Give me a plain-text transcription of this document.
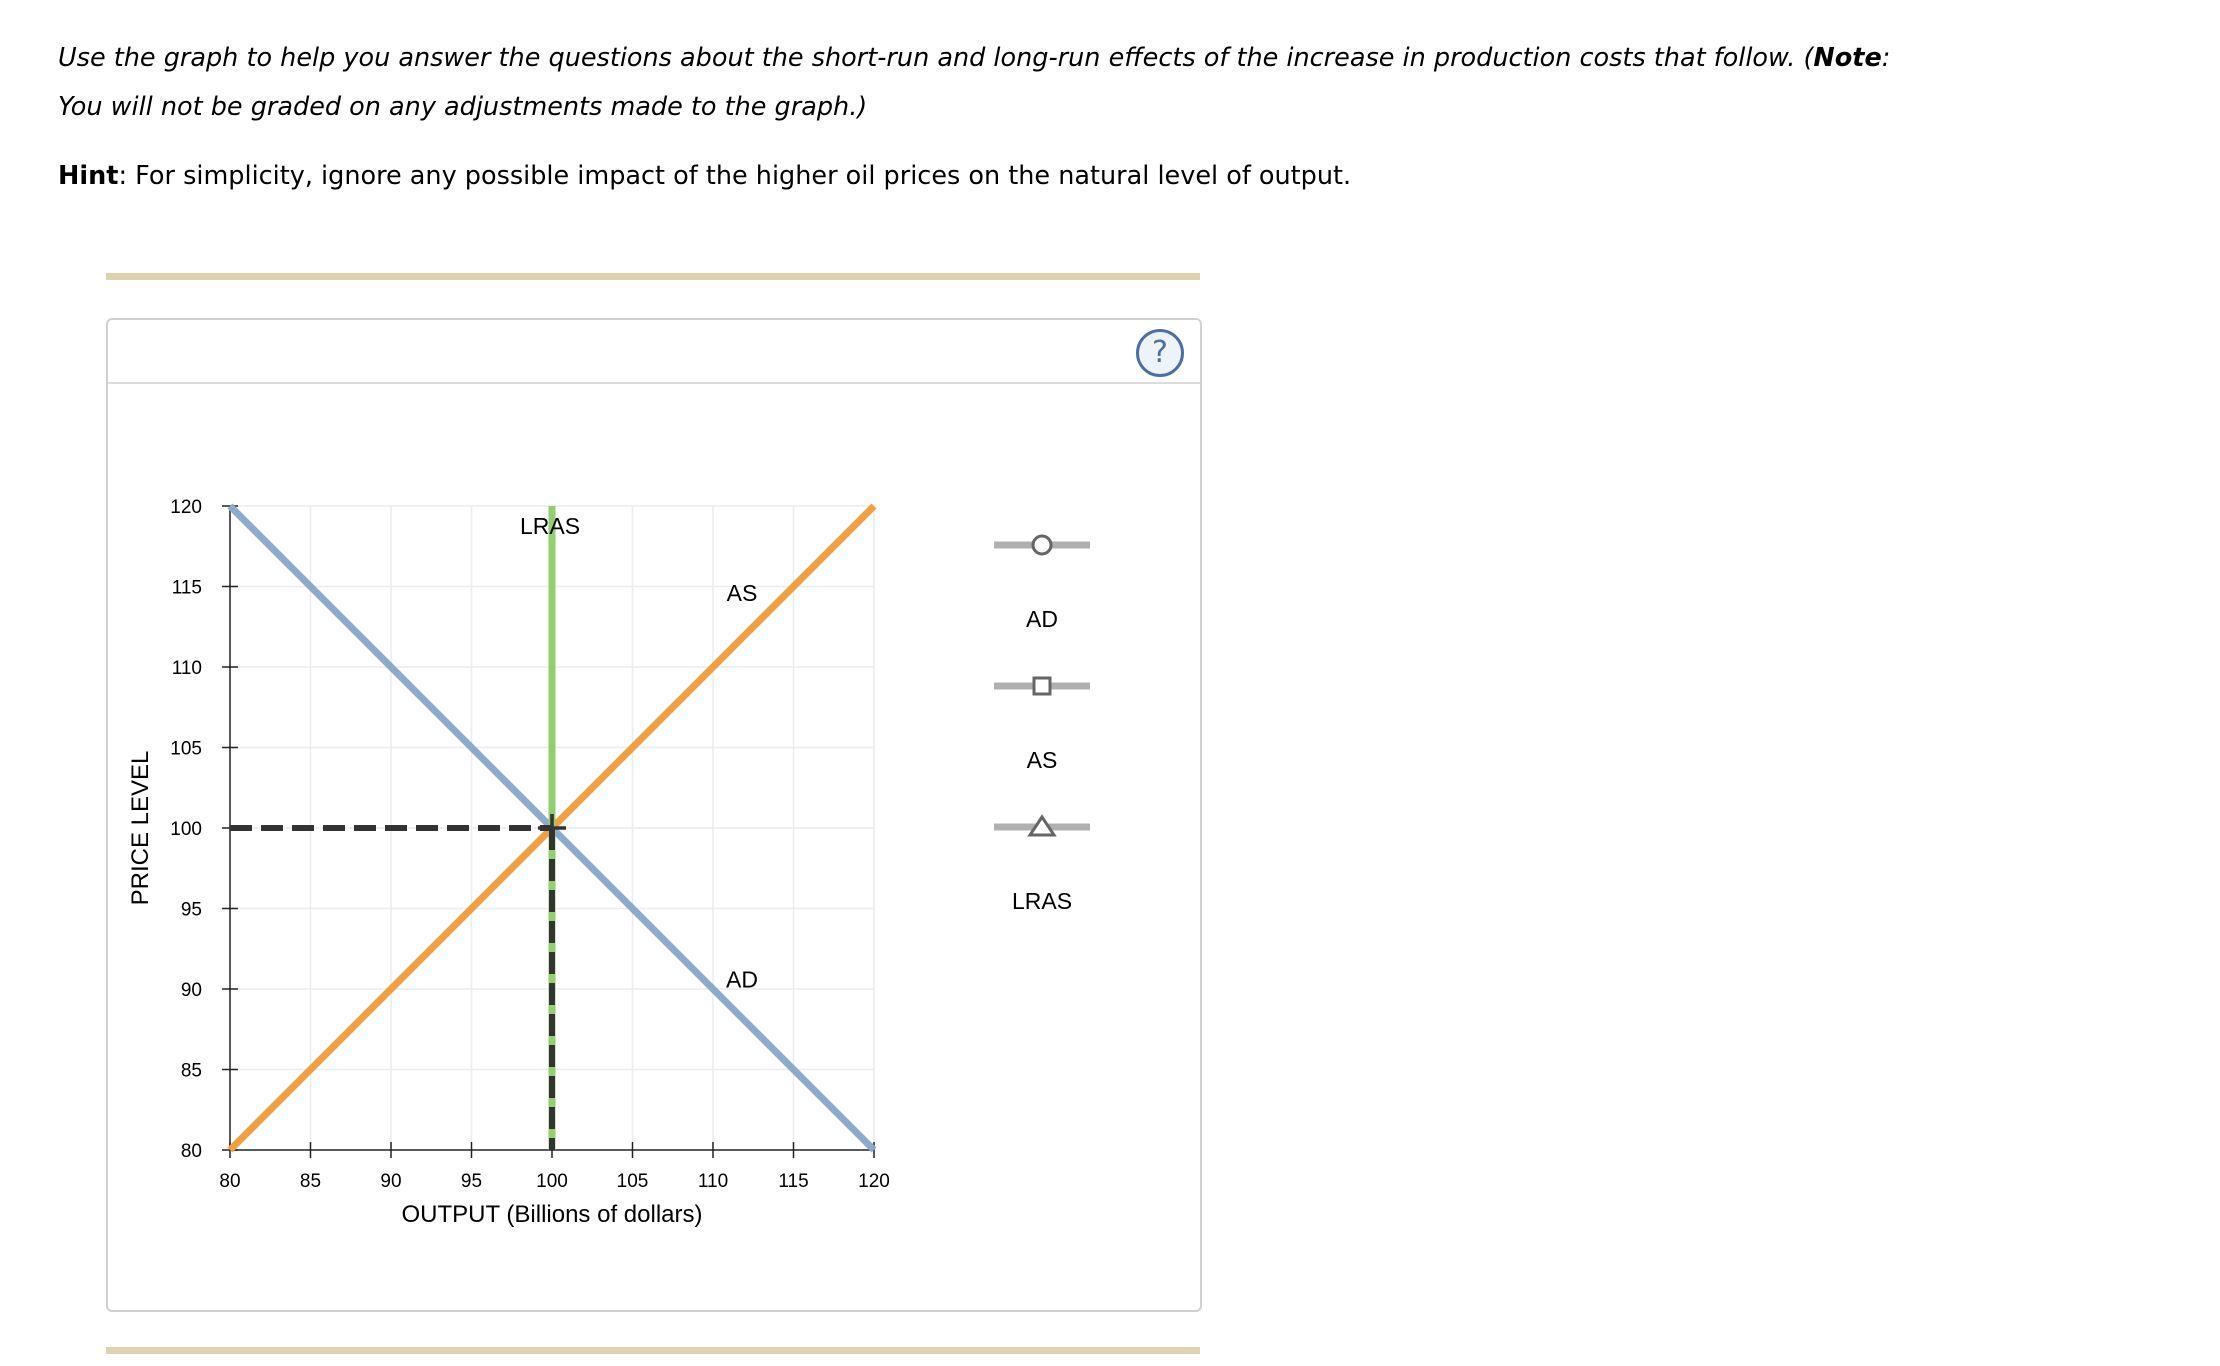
Use the graph to help you answer the questions about the short-run and long-run effects of the increase in production costs that follow. (Note: You will not be graded on any adjustments made to the graph.)
Hint: For simplicity, ignore any possible impact of the higher oil prices on the natural level of output.
?
80	85	90	95	100	105	110	115	120
80
85
90
95
100
105
110
115
120
OUTPUT (Billions of dollars)
PRICE LEVEL
LRAS
AS
AD
AD
AS
LRAS
